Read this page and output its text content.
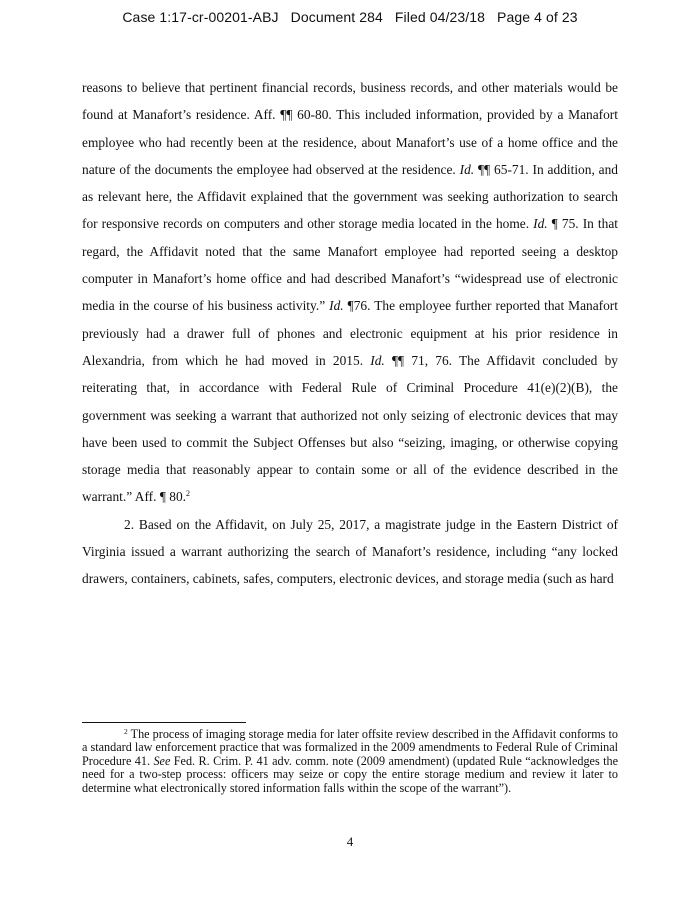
Case 1:17-cr-00201-ABJ Document 284 Filed 04/23/18 Page 4 of 23

reasons to believe that pertinent financial records, business records, and other materials would be found at Manafort’s residence. Aff. ¶¶ 60-80. This included information, provided by a Manafort employee who had recently been at the residence, about Manafort’s use of a home office and the nature of the documents the employee had observed at the residence. Id. ¶¶ 65-71. In addition, and as relevant here, the Affidavit explained that the government was seeking authorization to search for responsive records on computers and other storage media located in the home. Id. ¶ 75. In that regard, the Affidavit noted that the same Manafort employee had reported seeing a desktop computer in Manafort’s home office and had described Manafort’s “widespread use of electronic media in the course of his business activity.” Id. ¶76. The employee further reported that Manafort previously had a drawer full of phones and electronic equipment at his prior residence in Alexandria, from which he had moved in 2015. Id. ¶¶ 71, 76. The Affidavit concluded by reiterating that, in accordance with Federal Rule of Criminal Procedure 41(e)(2)(B), the government was seeking a warrant that authorized not only seizing of electronic devices that may have been used to commit the Subject Offenses but also “seizing, imaging, or otherwise copying storage media that reasonably appear to contain some or all of the evidence described in the warrant.” Aff. ¶ 80.$^2$

2. Based on the Affidavit, on July 25, 2017, a magistrate judge in the Eastern District of Virginia issued a warrant authorizing the search of Manafort’s residence, including “any locked drawers, containers, cabinets, safes, computers, electronic devices, and storage media (such as hard

$^2$ The process of imaging storage media for later offsite review described in the Affidavit conforms to a standard law enforcement practice that was formalized in the 2009 amendments to Federal Rule of Criminal Procedure 41. See Fed. R. Crim. P. 41 adv. comm. note (2009 amendment) (updated Rule “acknowledges the need for a two-step process: officers may seize or copy the entire storage medium and review it later to determine what electronically stored information falls within the scope of the warrant”).

4
